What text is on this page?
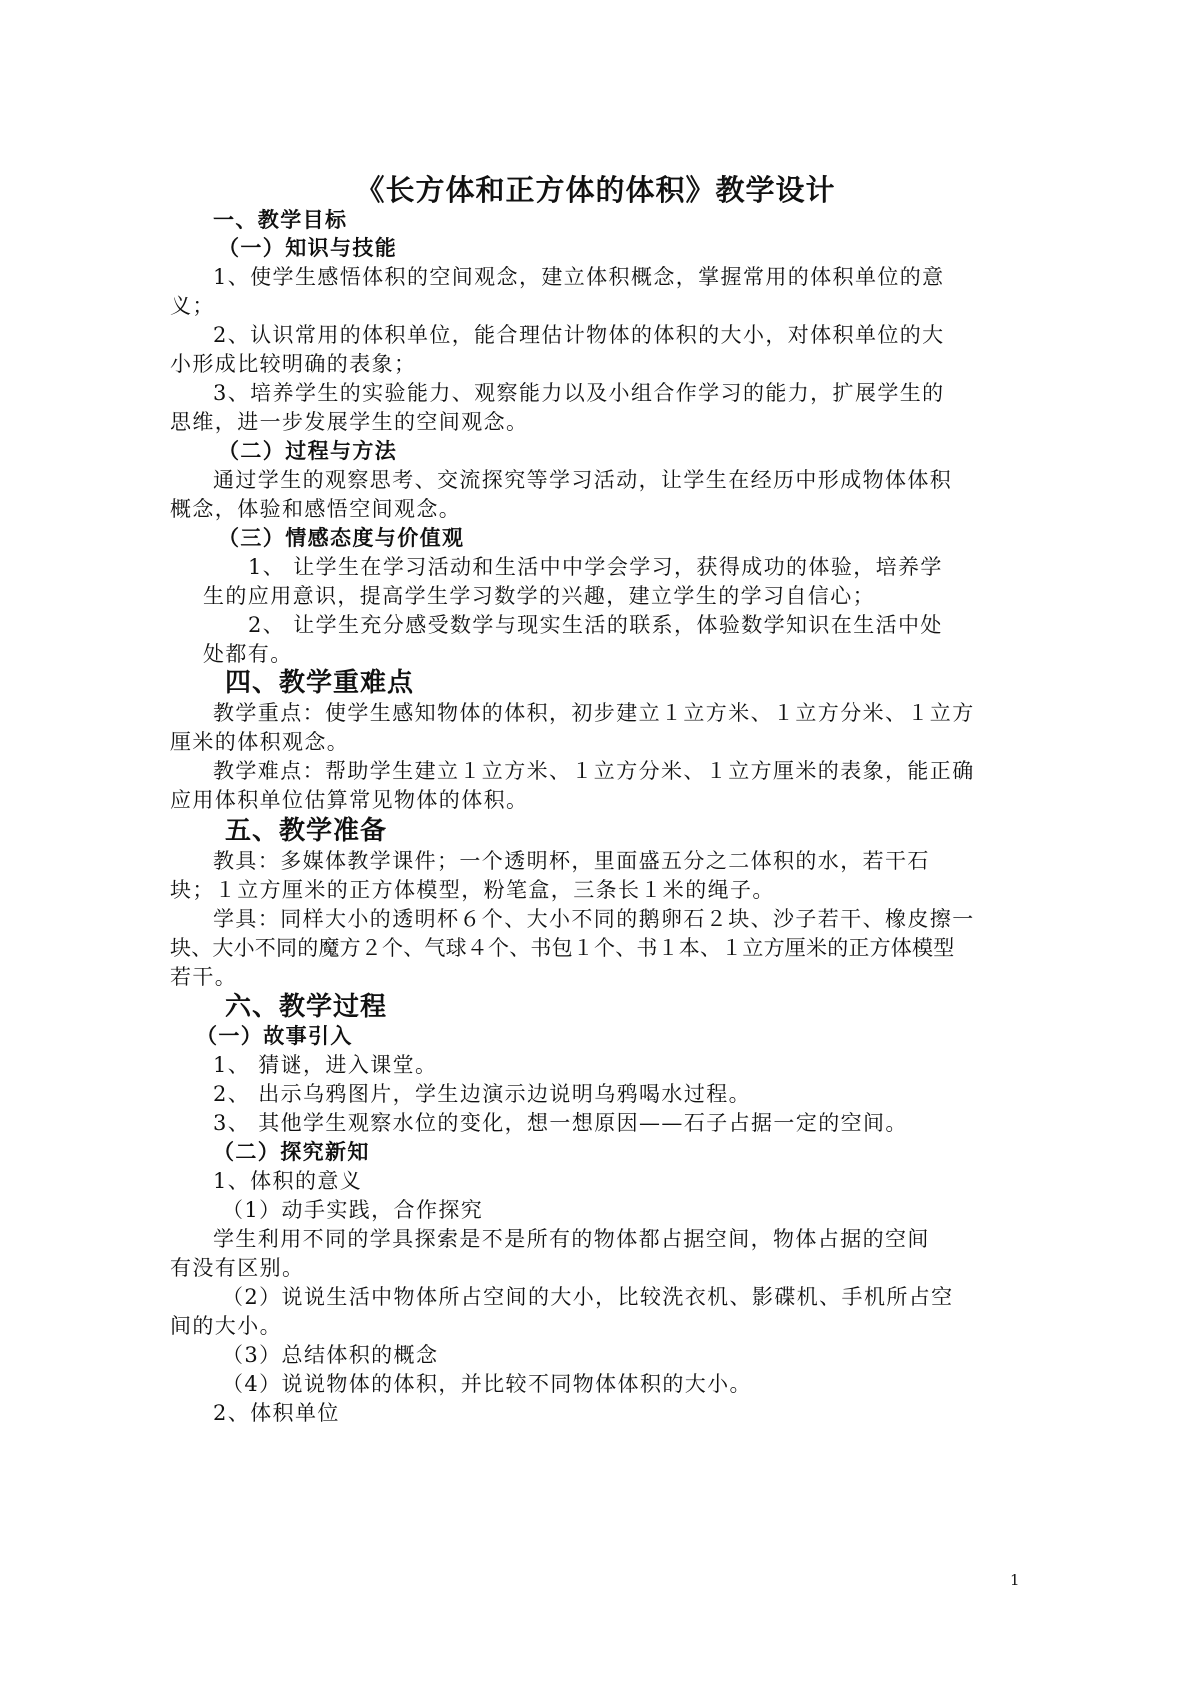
《长方体和正方体的体积》教学设计
一、教学目标
（一）知识与技能
1、使学生感悟体积的空间观念，建立体积概念，掌握常用的体积单位的意
义；
2、认识常用的体积单位，能合理估计物体的体积的大小，对体积单位的大
小形成比较明确的表象；
3、培养学生的实验能力、观察能力以及小组合作学习的能力，扩展学生的
思维，进一步发展学生的空间观念。
（二）过程与方法
通过学生的观察思考、交流探究等学习活动，让学生在经历中形成物体体积
概念，体验和感悟空间观念。
（三）情感态度与价值观
1、 让学生在学习活动和生活中中学会学习，获得成功的体验，培养学
生的应用意识，提高学生学习数学的兴趣，建立学生的学习自信心；
2、 让学生充分感受数学与现实生活的联系，体验数学知识在生活中处
处都有。
四、教学重难点
教学重点：使学生感知物体的体积，初步建立１立方米、１立方分米、１立方
厘米的体积观念。
教学难点：帮助学生建立１立方米、１立方分米、１立方厘米的表象，能正确
应用体积单位估算常见物体的体积。
五、教学准备
教具：多媒体教学课件；一个透明杯，里面盛五分之二体积的水，若干石
块；１立方厘米的正方体模型，粉笔盒，三条长１米的绳子。
学具：同样大小的透明杯６个、大小不同的鹅卵石２块、沙子若干、橡皮擦一
块、大小不同的魔方２个、气球４个、书包１个、书１本、１立方厘米的正方体模型
若干。
六、教学过程
（一）故事引入
1、 猜谜，进入课堂。
2、 出示乌鸦图片，学生边演示边说明乌鸦喝水过程。
3、 其他学生观察水位的变化，想一想原因——石子占据一定的空间。
（二）探究新知
1、体积的意义
（1）动手实践，合作探究
学生利用不同的学具探索是不是所有的物体都占据空间，物体占据的空间
有没有区别。
（2）说说生活中物体所占空间的大小，比较洗衣机、影碟机、手机所占空
间的大小。
（3）总结体积的概念
（4）说说物体的体积，并比较不同物体体积的大小。
2、体积单位
1
